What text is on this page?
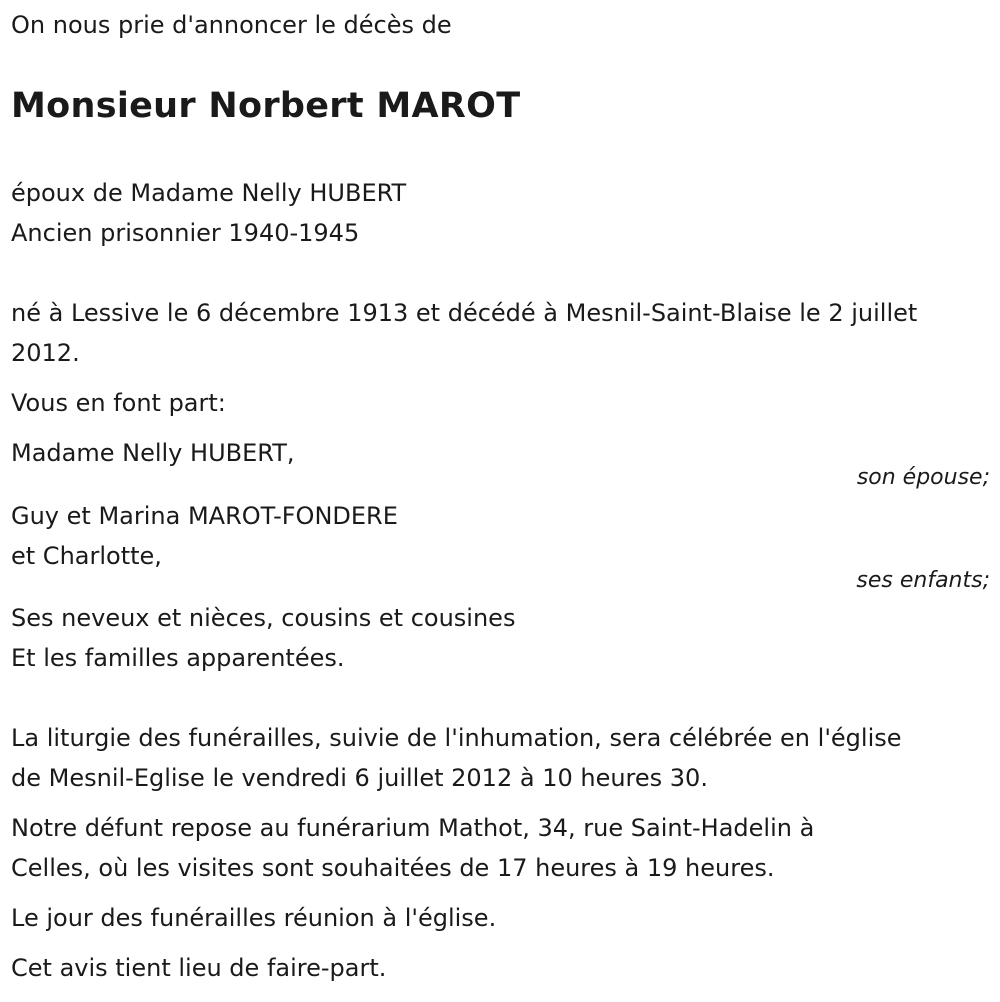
On nous prie d'annoncer le décès de
Monsieur Norbert MAROT
époux de Madame Nelly HUBERT
Ancien prisonnier 1940-1945
né à Lessive le 6 décembre 1913 et décédé à Mesnil-Saint-Blaise le 2 juillet
2012.
Vous en font part:
Madame Nelly HUBERT,
son épouse;
Guy et Marina MAROT-FONDERE
et Charlotte,
ses enfants;
Ses neveux et nièces, cousins et cousines
Et les familles apparentées.
La liturgie des funérailles, suivie de l'inhumation, sera célébrée en l'église
de Mesnil-Eglise le vendredi 6 juillet 2012 à 10 heures 30.
Notre défunt repose au funérarium Mathot, 34, rue Saint-Hadelin à
Celles, où les visites sont souhaitées de 17 heures à 19 heures.
Le jour des funérailles réunion à l'église.
Cet avis tient lieu de faire-part.
